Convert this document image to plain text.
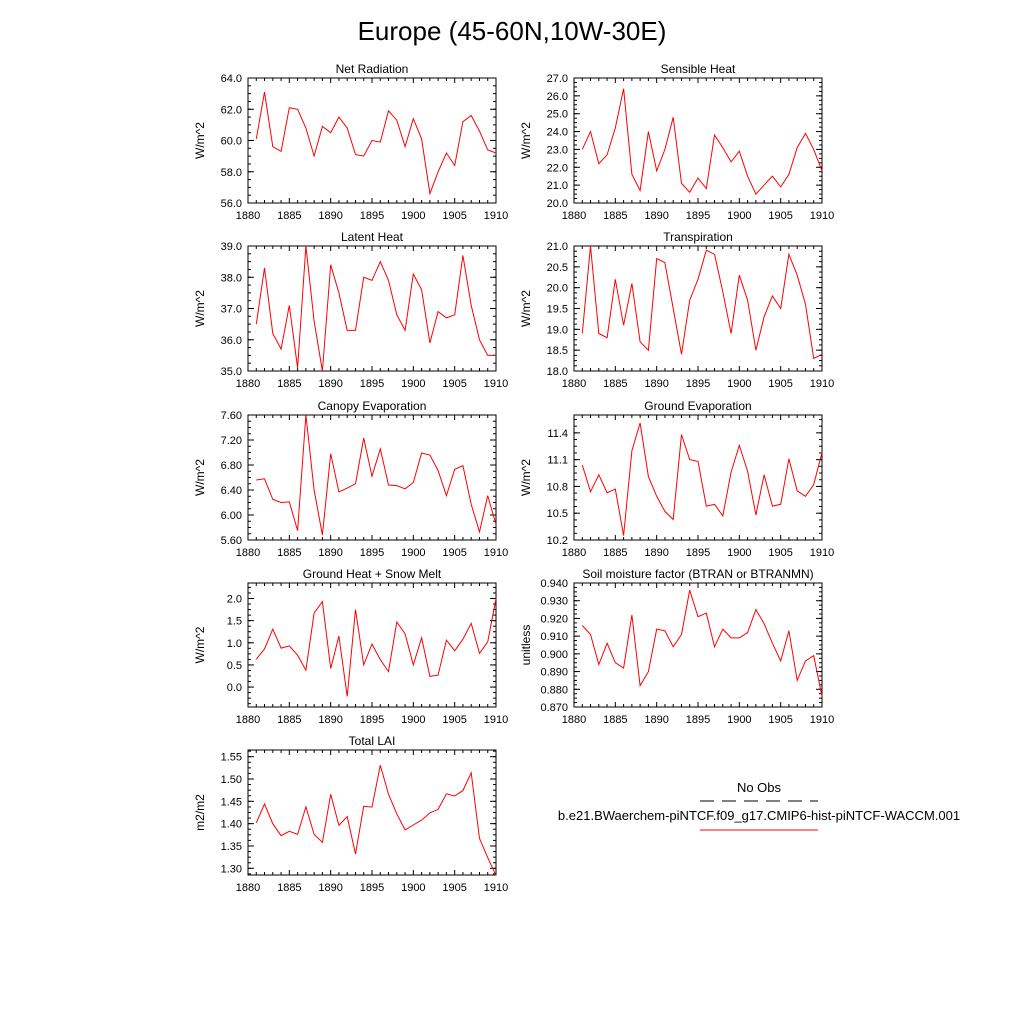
Europe (45-60N,10W-30E)
Net Radiation
1880 1885 1890 1895 1900 1905 1910
56.0
58.0
60.0
62.0
64.0
W/m^2
Sensible Heat
1880 1885 1890 1895 1900 1905 1910
20.0
21.0
22.0
23.0
24.0
25.0
26.0
27.0
W/m^2
Latent Heat
1880 1885 1890 1895 1900 1905 1910
35.0
36.0
37.0
38.0
39.0
W/m^2
Transpiration
1880 1885 1890 1895 1900 1905 1910
18.0
18.5
19.0
19.5
20.0
20.5
21.0
W/m^2
Canopy Evaporation
1880 1885 1890 1895 1900 1905 1910
5.60
6.00
6.40
6.80
7.20
7.60
W/m^2
Ground Evaporation
1880 1885 1890 1895 1900 1905 1910
10.2
10.5
10.8
11.1
11.4
W/m^2
Ground Heat + Snow Melt
1880 1885 1890 1895 1900 1905 1910
0.0
0.5
1.0
1.5
2.0
W/m^2
Soil moisture factor (BTRAN or BTRANMN)
1880 1885 1890 1895 1900 1905 1910
0.870
0.880
0.890
0.900
0.910
0.920
0.930
0.940
unitless
Total LAI
1880 1885 1890 1895 1900 1905 1910
1.30
1.35
1.40
1.45
1.50
1.55
m2/m2
No Obs
b.e21.BWaerchem-piNTCF.f09_g17.CMIP6-hist-piNTCF-WACCM.001
